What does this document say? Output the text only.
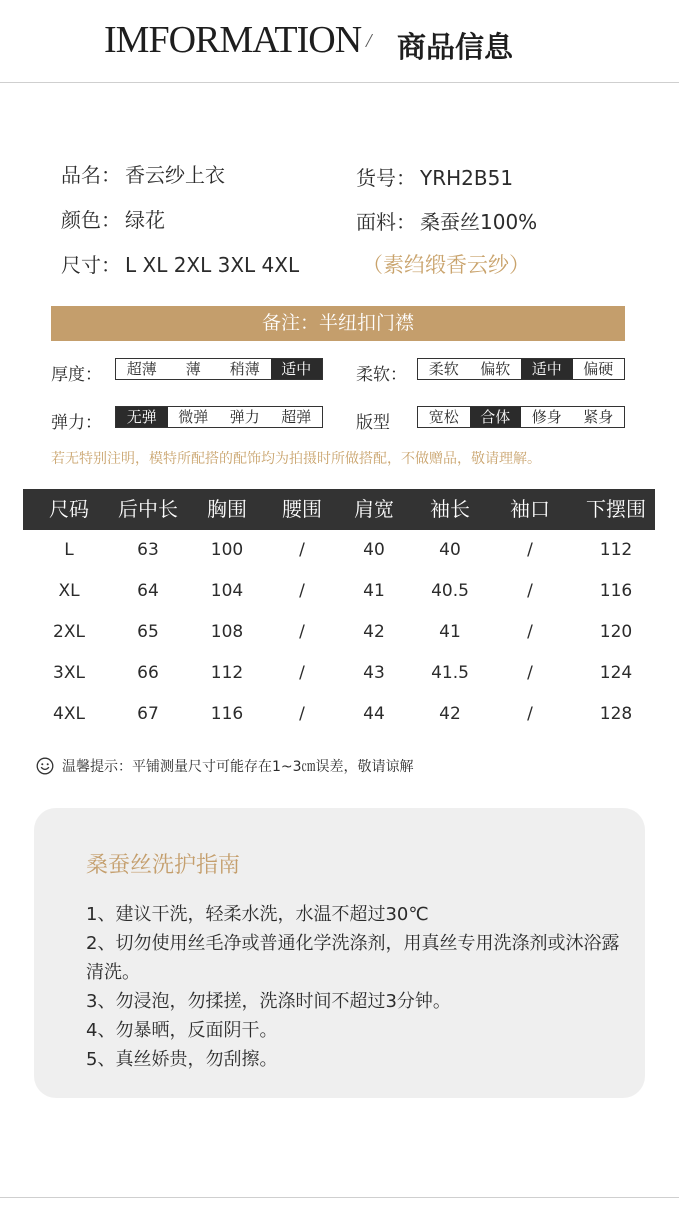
IMFORMATION / 商品信息
品名： 香云纱上衣	货号： YRH2B51
颜色： 绿花	面料： 桑蚕丝100%
尺寸： L XL 2XL 3XL 4XL	（素绉缎香云纱）
备注：半纽扣门襟
厚度：	超薄	薄	稍薄	适中	柔软：	柔软	偏软	适中	偏硬
弹力：	无弹	微弹	弹力	超弹	版型	宽松	合体	修身	紧身
若无特别注明，模特所配搭的配饰均为拍摄时所做搭配，不做赠品，敬请理解。
尺码	后中长	胸围	腰围	肩宽	袖长	袖口	下摆围
L	63	100	/	40	40	/	112
XL	64	104	/	41	40.5	/	116
2XL	65	108	/	42	41	/	120
3XL	66	112	/	43	41.5	/	124
4XL	67	116	/	44	42	/	128
温馨提示：平铺测量尺寸可能存在1~3㎝误差，敬请谅解
桑蚕丝洗护指南
1、建议干洗，轻柔水洗，水温不超过30℃
2、切勿使用丝毛净或普通化学洗涤剂，用真丝专用洗涤剂或沐浴露清洗。
3、勿浸泡，勿揉搓，洗涤时间不超过3分钟。
4、勿暴晒，反面阴干。
5、真丝娇贵，勿刮擦。
